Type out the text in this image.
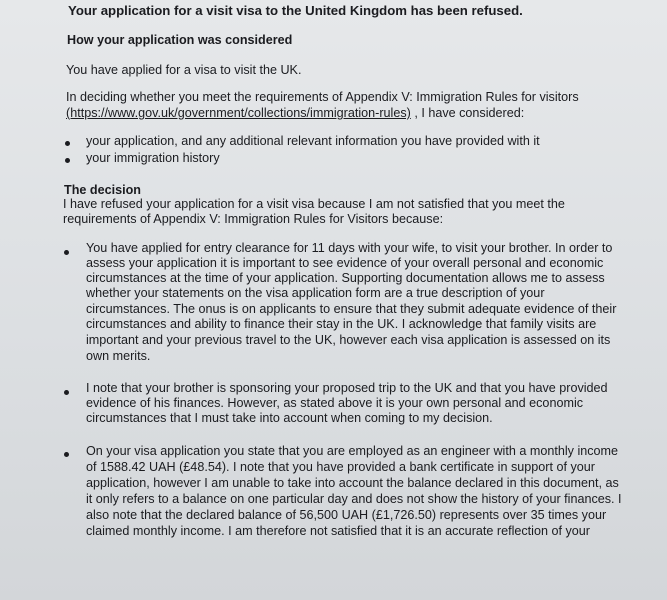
Your application for a visit visa to the United Kingdom has been refused.
How your application was considered
You have applied for a visa to visit the UK.
In deciding whether you meet the requirements of Appendix V: Immigration Rules for visitors
(https://www.gov.uk/government/collections/immigration-rules) , I have considered:
your application, and any additional relevant information you have provided with it
your immigration history
The decision
I have refused your application for a visit visa because I am not satisfied that you meet the
requirements of Appendix V: Immigration Rules for Visitors because:
You have applied for entry clearance for 11 days with your wife, to visit your brother. In order to
assess your application it is important to see evidence of your overall personal and economic
circumstances at the time of your application. Supporting documentation allows me to assess
whether your statements on the visa application form are a true description of your
circumstances. The onus is on applicants to ensure that they submit adequate evidence of their
circumstances and ability to finance their stay in the UK. I acknowledge that family visits are
important and your previous travel to the UK, however each visa application is assessed on its
own merits.
I note that your brother is sponsoring your proposed trip to the UK and that you have provided
evidence of his finances. However, as stated above it is your own personal and economic
circumstances that I must take into account when coming to my decision.
On your visa application you state that you are employed as an engineer with a monthly income
of 1588.42 UAH (£48.54). I note that you have provided a bank certificate in support of your
application, however I am unable to take into account the balance declared in this document, as
it only refers to a balance on one particular day and does not show the history of your finances. I
also note that the declared balance of 56,500 UAH (£1,726.50) represents over 35 times your
claimed monthly income. I am therefore not satisfied that it is an accurate reflection of your
